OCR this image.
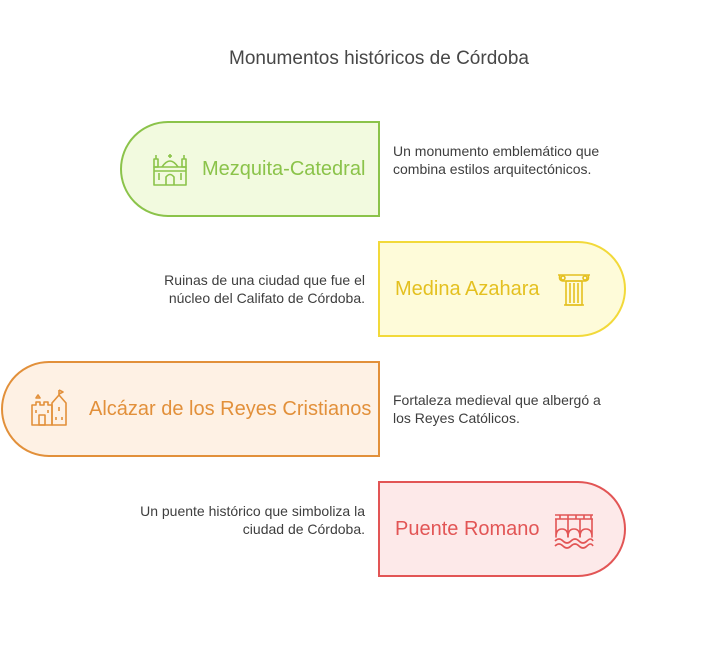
Monumentos históricos de Córdoba
Mezquita-Catedral
Un monumento emblemático que combina estilos arquitectónicos.
Medina Azahara
Ruinas de una ciudad que fue el núcleo del Califato de Córdoba.
Alcázar de los Reyes Cristianos Fortaleza medieval que albergó a los Reyes Católicos.
Puente Romano
Un puente histórico que simboliza la ciudad de Córdoba.
